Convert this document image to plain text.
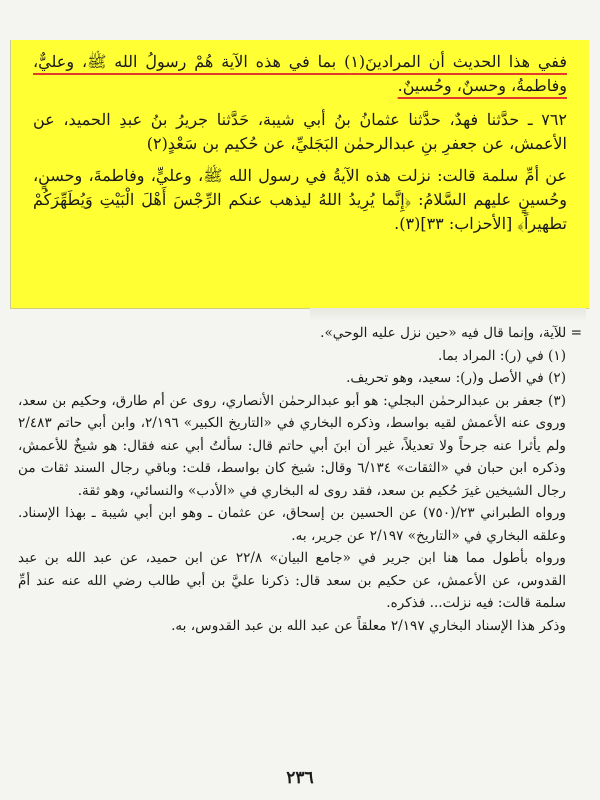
ففي هذا الحديث أن المرادينَ(١) بما في هذه الآية هُمْ رسولُ الله ﷺ، وعليٌّ، وفاطمةُ، وحسنٌ، وحُسينٌ.

٧٦٢ ـ حدَّثنا فهدٌ، حدَّثنا عثمانُ بنُ أبي شيبة، حَدَّثنا جريرُ بنُ عبدِ الحميد، عن الأعمش، عن جعفرِ بنِ عبدالرحمٰن البَجَليِّ، عن حُكيم بن سَعْدٍ(٢)

عن أمِّ سلمة قالت: نزلت هذه الآيةُ في رسول الله ﷺ، وعليٍّ، وفاطمةَ، وحسنٍ، وحُسينٍ عليهم السَّلامُ: ﴿إِنَّما يُرِيدُ اللهُ ليذهب عنكم الرِّجْسَ أَهْلَ الْبَيْتِ وَيُطَهِّرَكُمْ تطهيراً﴾ [الأحزاب: ٣٣](٣).

= للآية، وإنما قال فيه «حين نزل عليه الوحي».

(١) في (ر): المراد بما.

(٢) في الأصل و(ر): سعيد، وهو تحريف.

(٣) جعفر بن عبدالرحمٰن البجلي: هو أبو عبدالرحمٰن الأنصاري، روى عن أم طارق، وحكيم بن سعد، وروى عنه الأعمش لقيه بواسط، وذكره البخاري في «التاريخ الكبير» ٢/١٩٦، وابن أبي حاتم ٢/٤٨٣ ولم يأثرا عنه جرحاً ولا تعديلاً، غير أن ابنَ أبي حاتم قال: سألتُ أبي عنه فقال: هو شيخٌ للأعمش، وذكره ابن حبان في «الثقات» ٦/١٣٤ وقال: شيخ كان بواسط، قلت: وباقي رجال السند ثقات من رجال الشيخين غيرَ حُكيم بن سعد، فقد روى له البخاري في «الأدب» والنسائي، وهو ثقة.

ورواه الطبراني ٢٣/(٧٥٠) عن الحسين بن إسحاق، عن عثمان ـ وهو ابن أبي شيبة ـ بهذا الإسناد. وعلقه البخاري في «التاريخ» ٢/١٩٧ عن جرير، به.

ورواه بأطول مما هنا ابن جرير في «جامع البيان» ٢٢/٨ عن ابن حميد، عن عبد الله بن عبد القدوس، عن الأعمش، عن حكيم بن سعد قال: ذكرنا عليَّ بن أبي طالب رضي الله عنه عند أمِّ سلمة قالت: فيه نزلت... فذكره.

وذكر هذا الإسناد البخاري ٢/١٩٧ معلقاً عن عبد الله بن عبد القدوس، به.

٢٣٦
